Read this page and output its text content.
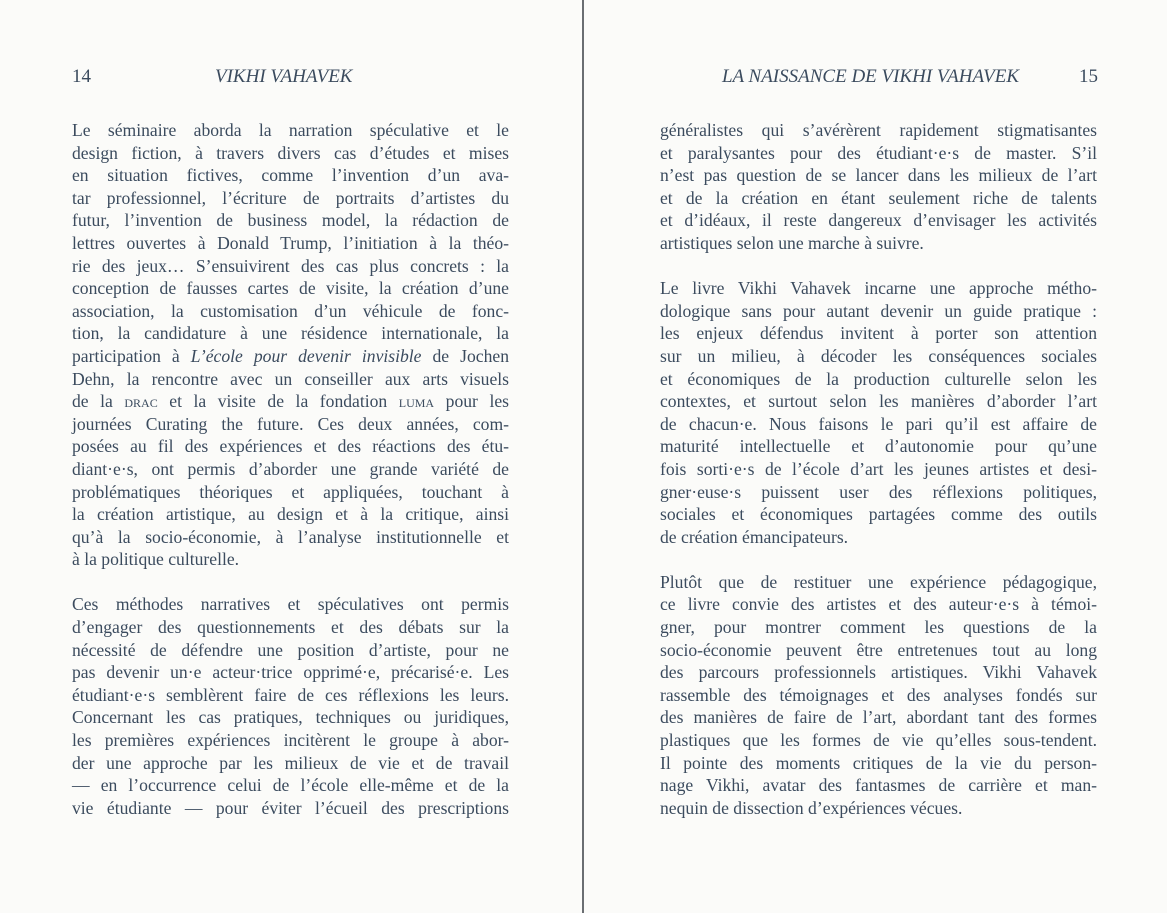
14	VIKHI VAHAVEK	LA NAISSANCE DE VIKHI VAHAVEK	15
Le séminaire aborda la narration spéculative et le
design fiction, à travers divers cas d’études et mises
en situation fictives, comme l’invention d’un ava-
tar professionnel, l’écriture de portraits d’artistes du
futur, l’invention de business model, la rédaction de
lettres ouvertes à Donald Trump, l’initiation à la théo-
rie des jeux… S’ensuivirent des cas plus concrets : la
conception de fausses cartes de visite, la création d’une
association, la customisation d’un véhicule de fonc-
tion, la candidature à une résidence internationale, la
participation à L’école pour devenir invisible de Jochen
Dehn, la rencontre avec un conseiller aux arts visuels
de la drac et la visite de la fondation luma pour les
journées Curating the future. Ces deux années, com-
posées au fil des expériences et des réactions des étu-
diant·e·s, ont permis d’aborder une grande variété de
problématiques théoriques et appliquées, touchant à
la création artistique, au design et à la critique, ainsi
qu’à la socio-économie, à l’analyse institutionnelle et
à la politique culturelle.
Ces méthodes narratives et spéculatives ont permis
d’engager des questionnements et des débats sur la
nécessité de défendre une position d’artiste, pour ne
pas devenir un·e acteur·trice opprimé·e, précarisé·e. Les
étudiant·e·s semblèrent faire de ces réflexions les leurs.
Concernant les cas pratiques, techniques ou juridiques,
les premières expériences incitèrent le groupe à abor-
der une approche par les milieux de vie et de travail
— en l’occurrence celui de l’école elle-même et de la
vie étudiante — pour éviter l’écueil des prescriptions
généralistes qui s’avérèrent rapidement stigmatisantes
et paralysantes pour des étudiant·e·s de master. S’il
n’est pas question de se lancer dans les milieux de l’art
et de la création en étant seulement riche de talents
et d’idéaux, il reste dangereux d’envisager les activités
artistiques selon une marche à suivre.
Le livre Vikhi Vahavek incarne une approche métho-
dologique sans pour autant devenir un guide pratique :
les enjeux défendus invitent à porter son attention
sur un milieu, à décoder les conséquences sociales
et économiques de la production culturelle selon les
contextes, et surtout selon les manières d’aborder l’art
de chacun·e. Nous faisons le pari qu’il est affaire de
maturité intellectuelle et d’autonomie pour qu’une
fois sorti·e·s de l’école d’art les jeunes artistes et desi-
gner·euse·s puissent user des réflexions politiques,
sociales et économiques partagées comme des outils
de création émancipateurs.
Plutôt que de restituer une expérience pédagogique,
ce livre convie des artistes et des auteur·e·s à témoi-
gner, pour montrer comment les questions de la
socio-économie peuvent être entretenues tout au long
des parcours professionnels artistiques. Vikhi Vahavek
rassemble des témoignages et des analyses fondés sur
des manières de faire de l’art, abordant tant des formes
plastiques que les formes de vie qu’elles sous-tendent.
Il pointe des moments critiques de la vie du person-
nage Vikhi, avatar des fantasmes de carrière et man-
nequin de dissection d’expériences vécues.
